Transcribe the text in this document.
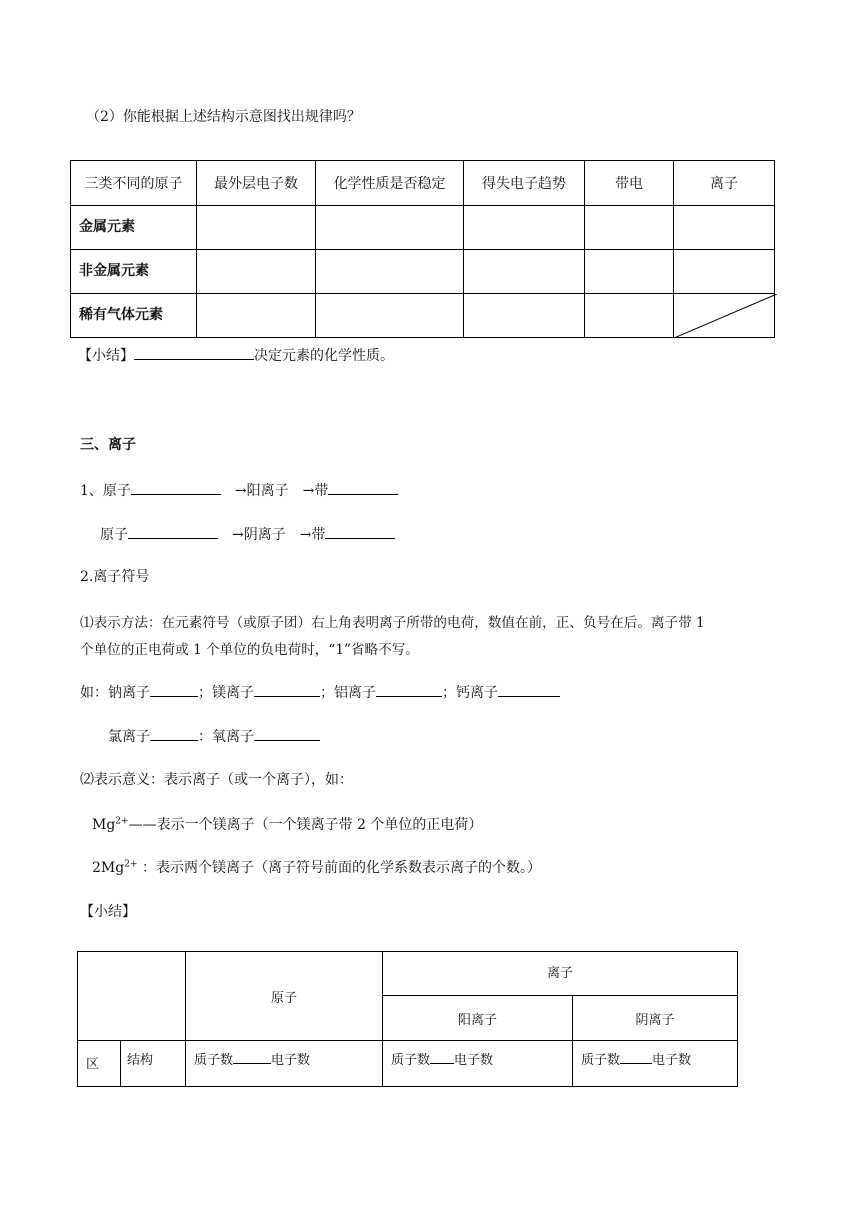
（2）你能根据上述结构示意图找出规律吗？
三类不同的原子	最外层电子数	化学性质是否稳定	得失电子趋势	带电	离子
金属元素					
非金属元素					
稀有气体元素					
【小结】	决定元素的化学性质。
三、离子
1、原子	→阳离子 →带
原子	→阴离子 →带
2.离子符号
⑴表示方法：在元素符号（或原子团）右上角表明离子所带的电荷，数值在前，正、负号在后。离子带 1
个单位的正电荷或 1 个单位的负电荷时，“1”省略不写。
如：钠离子	；镁离子	；铝离子	；钙离子
氯离子	：氧离子
⑵表示意义：表示离子（或一个离子），如：
$Mg^{2+}——$表示一个镁离子（一个镁离子带 2 个单位的正电荷）
$2Mg^{2+}$ ：表示两个镁离子（离子符号前面的化学系数表示离子的个数。）
【小结】
		原子	离子	
			阳离子	阴离子
区	结构	质子数 电子数	质子数 电子数	质子数 电子数
